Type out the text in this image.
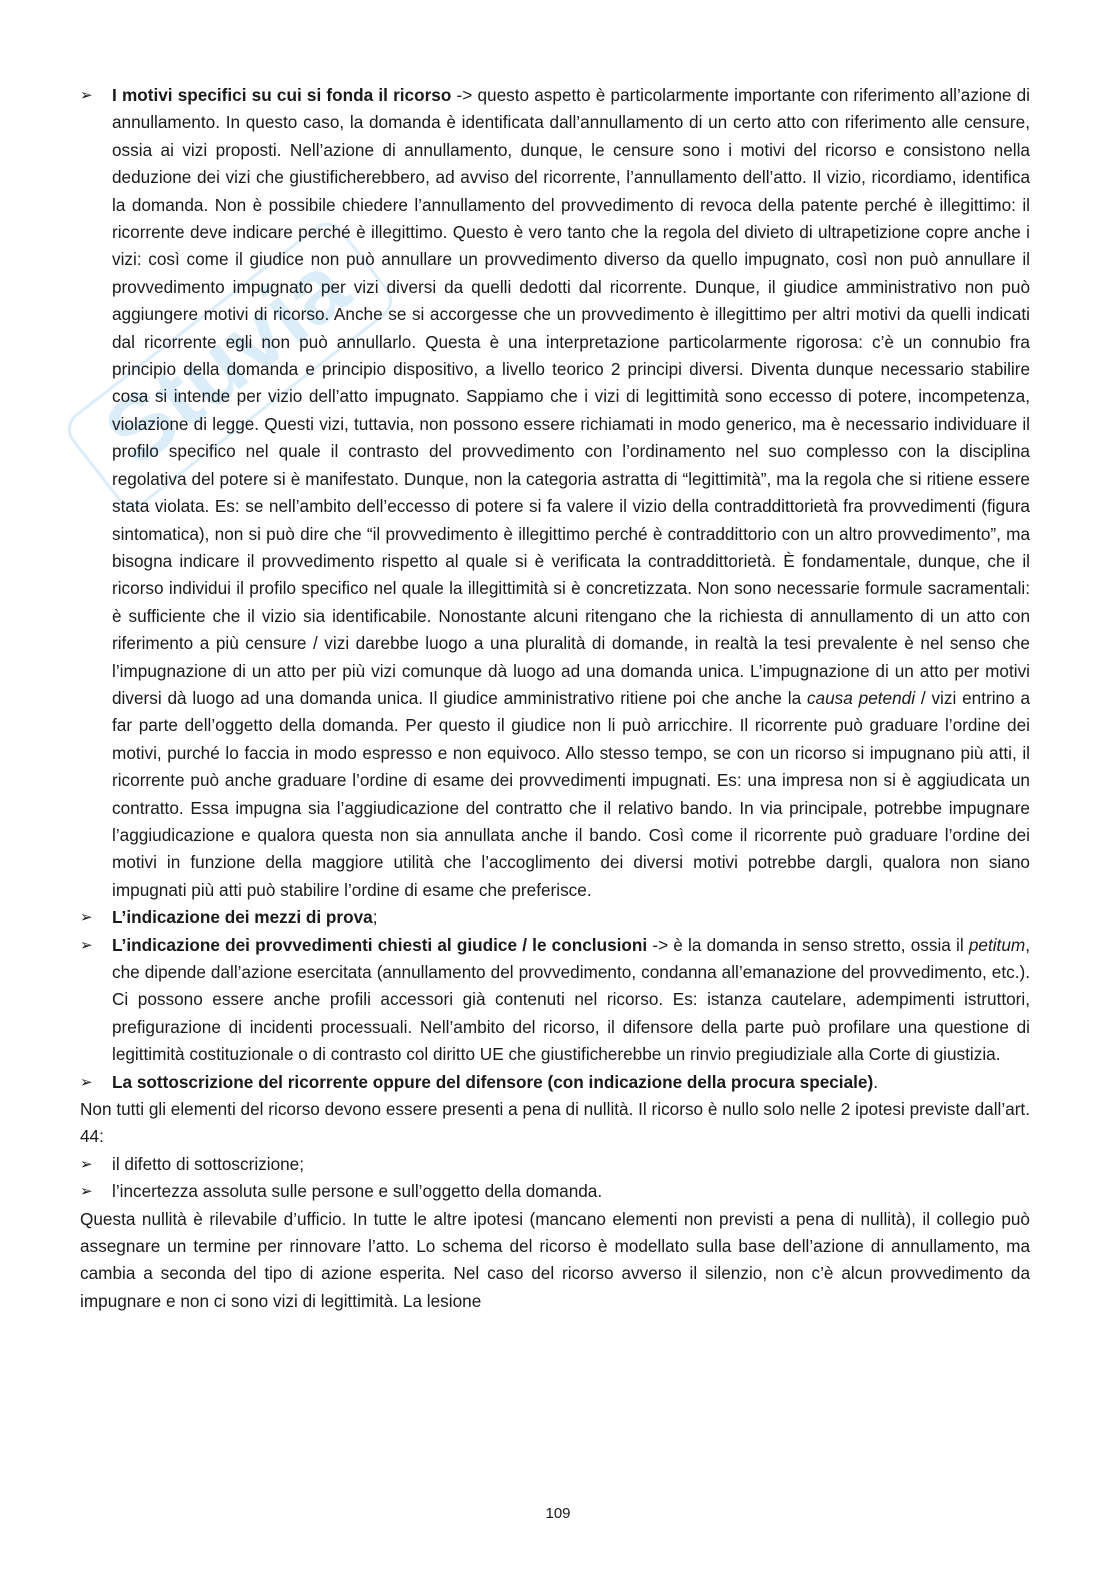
Stuvia
➢	I motivi specifici su cui si fonda il ricorso -> questo aspetto è particolarmente importante con riferimento all’azione di annullamento. In questo caso, la domanda è identificata dall’annullamento di un certo atto con riferimento alle censure, ossia ai vizi proposti. Nell’azione di annullamento, dunque, le censure sono i motivi del ricorso e consistono nella deduzione dei vizi che giustificherebbero, ad avviso del ricorrente, l’annullamento dell’atto. Il vizio, ricordiamo, identifica la domanda. Non è possibile chiedere l’annullamento del provvedimento di revoca della patente perché è illegittimo: il ricorrente deve indicare perché è illegittimo. Questo è vero tanto che la regola del divieto di ultrapetizione copre anche i vizi: così come il giudice non può annullare un provvedimento diverso da quello impugnato, così non può annullare il provvedimento impugnato per vizi diversi da quelli dedotti dal ricorrente. Dunque, il giudice amministrativo non può aggiungere motivi di ricorso. Anche se si accorgesse che un provvedimento è illegittimo per altri motivi da quelli indicati dal ricorrente egli non può annullarlo. Questa è una interpretazione particolarmente rigorosa: c’è un connubio fra principio della domanda e principio dispositivo, a livello teorico 2 principi diversi. Diventa dunque necessario stabilire cosa si intende per vizio dell’atto impugnato. Sappiamo che i vizi di legittimità sono eccesso di potere, incompetenza, violazione di legge. Questi vizi, tuttavia, non possono essere richiamati in modo generico, ma è necessario individuare il profilo specifico nel quale il contrasto del provvedimento con l’ordinamento nel suo complesso con la disciplina regolativa del potere si è manifestato. Dunque, non la categoria astratta di “legittimità”, ma la regola che si ritiene essere stata violata. Es: se nell’ambito dell’eccesso di potere si fa valere il vizio della contraddittorietà fra provvedimenti (figura sintomatica), non si può dire che “il provvedimento è illegittimo perché è contraddittorio con un altro provvedimento”, ma bisogna indicare il provvedimento rispetto al quale si è verificata la contraddittorietà. È fondamentale, dunque, che il ricorso individui il profilo specifico nel quale la illegittimità si è concretizzata. Non sono necessarie formule sacramentali: è sufficiente che il vizio sia identificabile. Nonostante alcuni ritengano che la richiesta di annullamento di un atto con riferimento a più censure / vizi darebbe luogo a una pluralità di domande, in realtà la tesi prevalente è nel senso che l’impugnazione di un atto per più vizi comunque dà luogo ad una domanda unica. L’impugnazione di un atto per motivi diversi dà luogo ad una domanda unica. Il giudice amministrativo ritiene poi che anche la causa petendi / vizi entrino a far parte dell’oggetto della domanda. Per questo il giudice non li può arricchire. Il ricorrente può graduare l’ordine dei motivi, purché lo faccia in modo espresso e non equivoco. Allo stesso tempo, se con un ricorso si impugnano più atti, il ricorrente può anche graduare l’ordine di esame dei provvedimenti impugnati. Es: una impresa non si è aggiudicata un contratto. Essa impugna sia l’aggiudicazione del contratto che il relativo bando. In via principale, potrebbe impugnare l’aggiudicazione e qualora questa non sia annullata anche il bando. Così come il ricorrente può graduare l’ordine dei motivi in funzione della maggiore utilità che l’accoglimento dei diversi motivi potrebbe dargli, qualora non siano impugnati più atti può stabilire l’ordine di esame che preferisce.
➢	L’indicazione dei mezzi di prova;
➢	L’indicazione dei provvedimenti chiesti al giudice / le conclusioni -> è la domanda in senso stretto, ossia il petitum, che dipende dall’azione esercitata (annullamento del provvedimento, condanna all’emanazione del provvedimento, etc.). Ci possono essere anche profili accessori già contenuti nel ricorso. Es: istanza cautelare, adempimenti istruttori, prefigurazione di incidenti processuali. Nell’ambito del ricorso, il difensore della parte può profilare una questione di legittimità costituzionale o di contrasto col diritto UE che giustificherebbe un rinvio pregiudiziale alla Corte di giustizia.
➢	La sottoscrizione del ricorrente oppure del difensore (con indicazione della procura speciale).
Non tutti gli elementi del ricorso devono essere presenti a pena di nullità. Il ricorso è nullo solo nelle 2 ipotesi previste dall’art. 44:
➢	il difetto di sottoscrizione;
➢	l’incertezza assoluta sulle persone e sull’oggetto della domanda.
Questa nullità è rilevabile d’ufficio. In tutte le altre ipotesi (mancano elementi non previsti a pena di nullità), il collegio può assegnare un termine per rinnovare l’atto. Lo schema del ricorso è modellato sulla base dell’azione di annullamento, ma cambia a seconda del tipo di azione esperita. Nel caso del ricorso avverso il silenzio, non c’è alcun provvedimento da impugnare e non ci sono vizi di legittimità. La lesione
109
